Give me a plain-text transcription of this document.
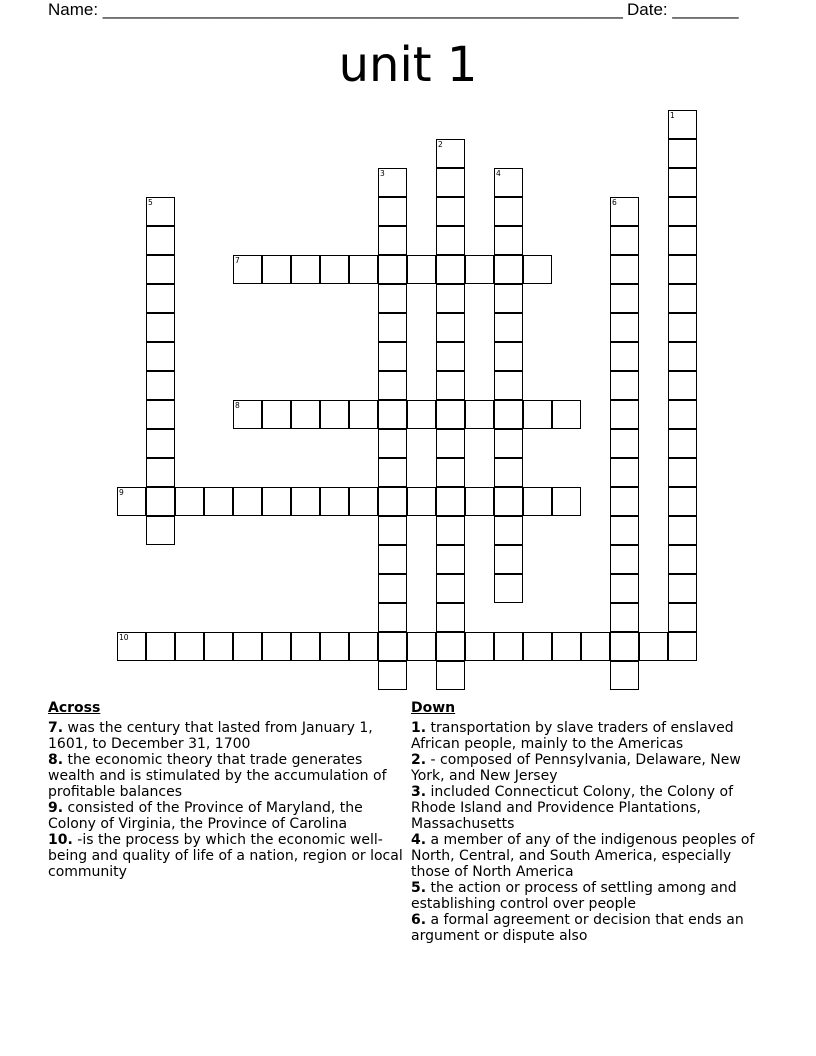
Name: _______________________________________________________ Date: _______
unit 1
7
8
9
10
1
2
3	4
5	6
Across

7. was the century that lasted from January 1, 1601, to December 31, 1700

8. the economic theory that trade generates wealth and is stimulated by the accumulation of profitable balances

9. consisted of the Province of Maryland, the Colony of Virginia, the Province of Carolina

10. -is the process by which the economic well-being and quality of life of a nation, region or local community

Down

1. transportation by slave traders of enslaved African people, mainly to the Americas

2. - composed of Pennsylvania, Delaware, New York, and New Jersey

3. included Connecticut Colony, the Colony of Rhode Island and Providence Plantations, Massachusetts

4. a member of any of the indigenous peoples of North, Central, and South America, especially those of North America

5. the action or process of settling among and establishing control over people

6. a formal agreement or decision that ends an argument or dispute also
